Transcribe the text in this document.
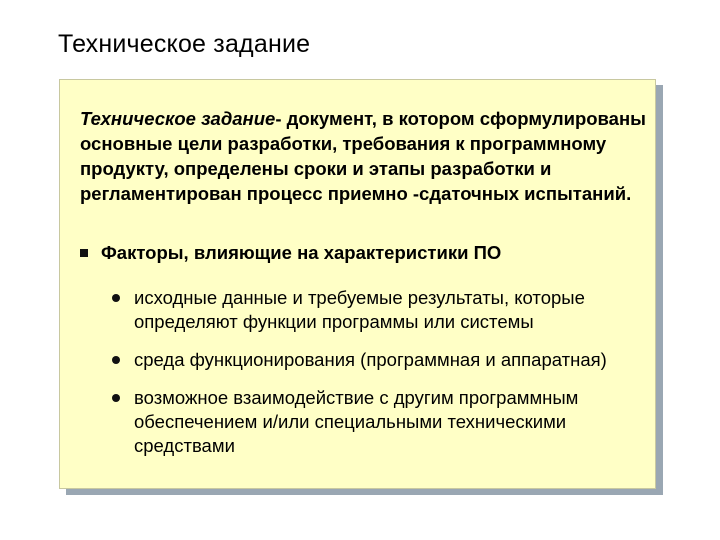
Техническое задание
Техническое задание- документ, в котором сформулированы основные цели разработки, требования к программному продукту, определены сроки и этапы разработки и регламентирован процесс приемно -сдаточных испытаний.
Факторы, влияющие на характеристики ПО
исходные данные и требуемые результаты, которые определяют функции программы или системы
среда функционирования (программная и аппаратная)
возможное взаимодействие с другим программным обеспечением и/или специальными техническими средствами
